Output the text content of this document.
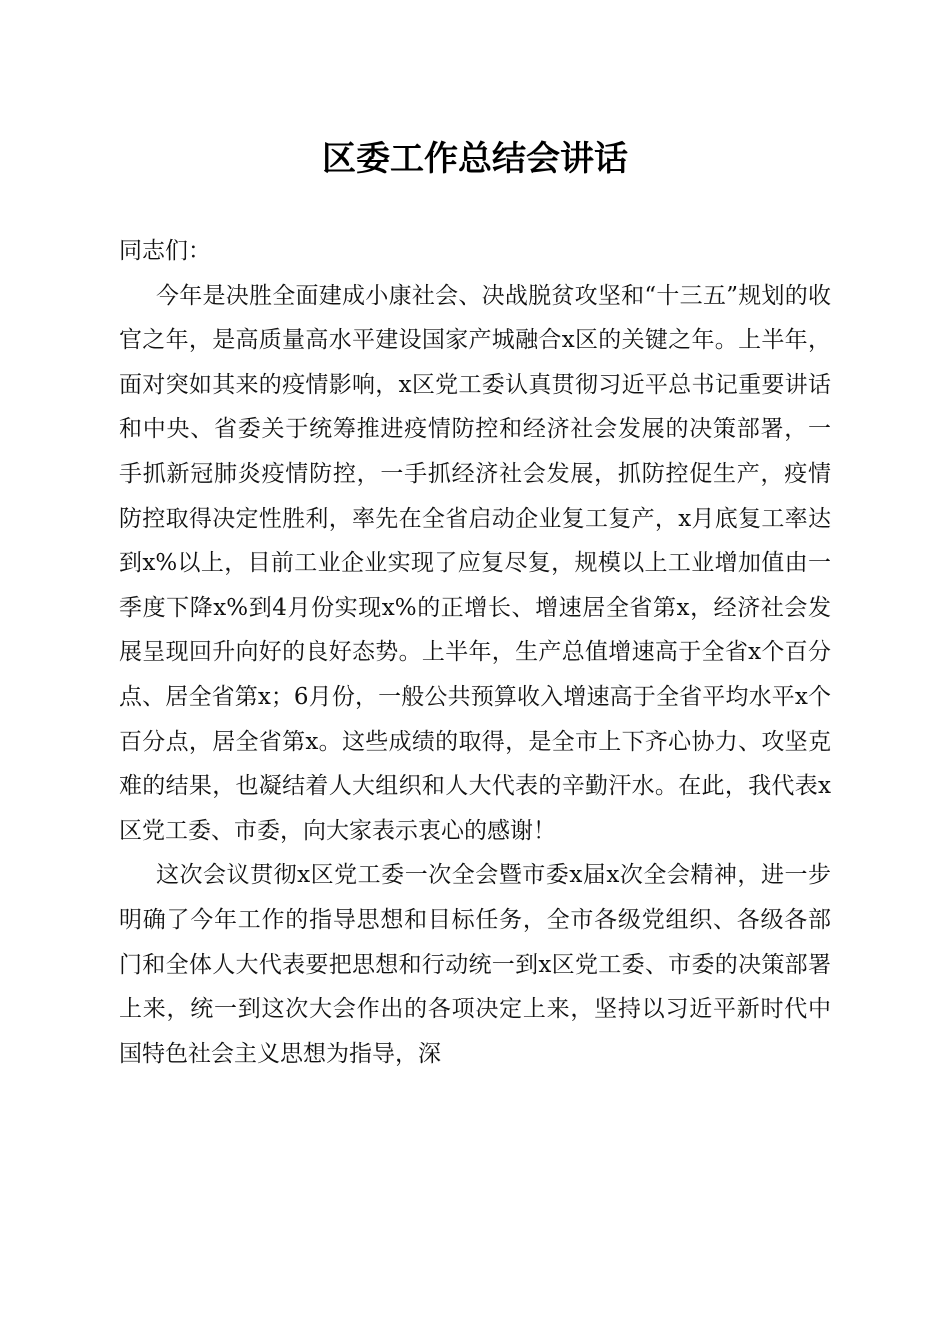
区委工作总结会讲话

同志们：

今年是决胜全面建成小康社会、决战脱贫攻坚和“十三五”规划的收官之年，是高质量高水平建设国家产城融合x区的关键之年。上半年，面对突如其来的疫情影响，x区党工委认真贯彻习近平总书记重要讲话和中央、省委关于统筹推进疫情防控和经济社会发展的决策部署，一手抓新冠肺炎疫情防控，一手抓经济社会发展，抓防控促生产，疫情防控取得决定性胜利，率先在全省启动企业复工复产，x月底复工率达到x%以上，目前工业企业实现了应复尽复，规模以上工业增加值由一季度下降x%到4月份实现x%的正增长、增速居全省第x，经济社会发展呈现回升向好的良好态势。上半年，生产总值增速高于全省x个百分点、居全省第x；6月份，一般公共预算收入增速高于全省平均水平x个百分点，居全省第x。这些成绩的取得，是全市上下齐心协力、攻坚克难的结果，也凝结着人大组织和人大代表的辛勤汗水。在此，我代表x区党工委、市委，向大家表示衷心的感谢！

这次会议贯彻x区党工委一次全会暨市委x届x次全会精神，进一步明确了今年工作的指导思想和目标任务，全市各级党组织、各级各部门和全体人大代表要把思想和行动统一到x区党工委、市委的决策部署上来，统一到这次大会作出的各项决定上来，坚持以习近平新时代中国特色社会主义思想为指导，深
